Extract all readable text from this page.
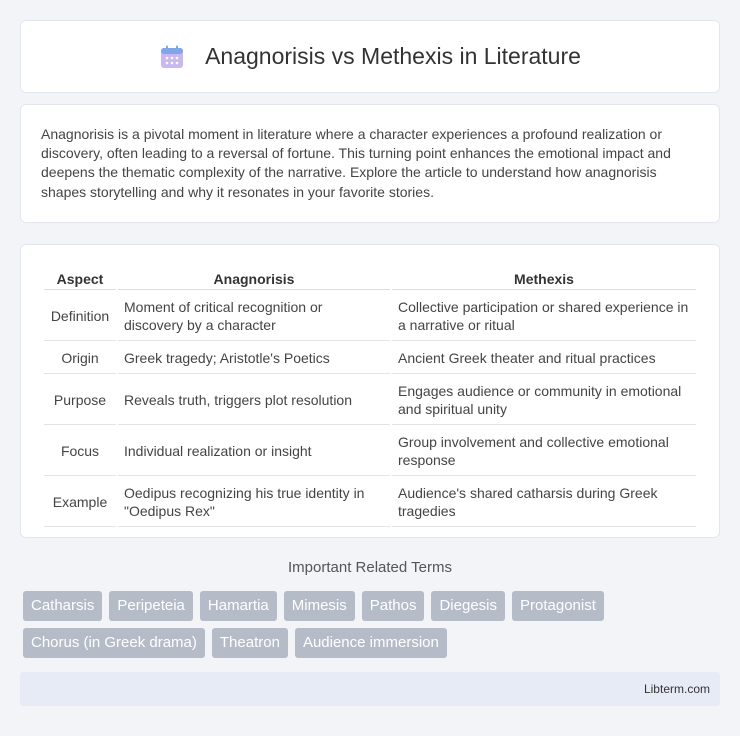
Anagnorisis vs Methexis in Literature

Anagnorisis is a pivotal moment in literature where a character experiences a profound realization or discovery, often leading to a reversal of fortune. This turning point enhances the emotional impact and deepens the thematic complexity of the narrative. Explore the article to understand how anagnorisis shapes storytelling and why it resonates in your favorite stories.

Aspect	Anagnorisis	Methexis
Definition	Moment of critical recognition or discovery by a character	Collective participation or shared experience in a narrative or ritual
Origin	Greek tragedy; Aristotle's Poetics	Ancient Greek theater and ritual practices
Purpose	Reveals truth, triggers plot resolution	Engages audience or community in emotional and spiritual unity
Focus	Individual realization or insight	Group involvement and collective emotional response
Example	Oedipus recognizing his true identity in "Oedipus Rex"	Audience's shared catharsis during Greek tragedies
Important Related Terms
Catharsis	Peripeteia	Hamartia	Mimesis	Pathos	Diegesis	Protagonist
Chorus (in Greek drama)	Theatron	Audience immersion
Libterm.com
